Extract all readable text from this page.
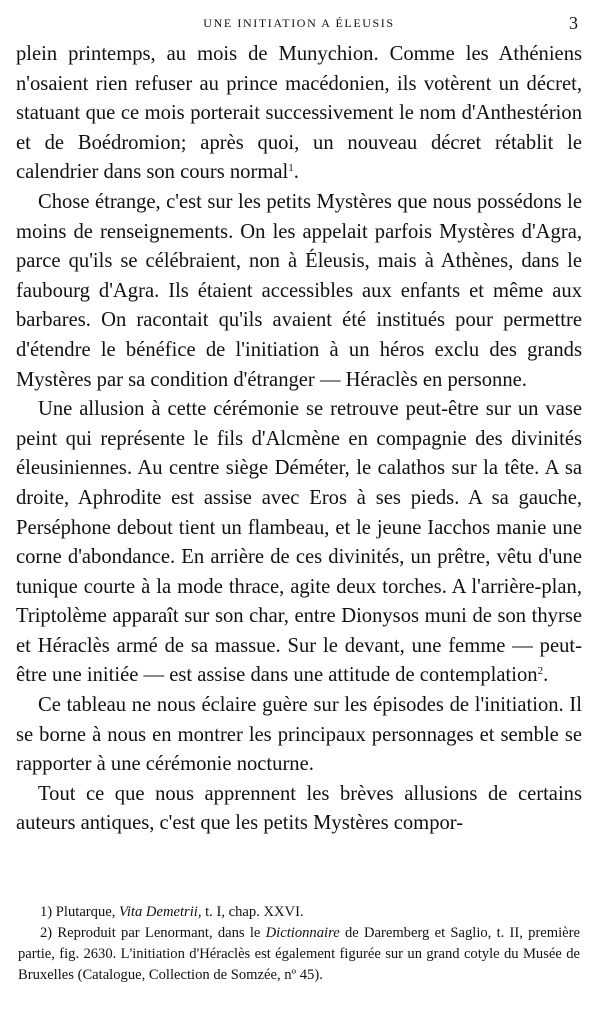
UNE INITIATION A ÉLEUSIS	3

plein printemps, au mois de Munychion. Comme les Athéniens n'osaient rien refuser au prince macédonien, ils votèrent un décret, statuant que ce mois porterait successivement le nom d'Anthestérion et de Boédromion; après quoi, un nouveau décret rétablit le calendrier dans son cours normal$^1$.

Chose étrange, c'est sur les petits Mystères que nous possédons le moins de renseignements. On les appelait parfois Mystères d'Agra, parce qu'ils se célébraient, non à Éleusis, mais à Athènes, dans le faubourg d'Agra. Ils étaient accessibles aux enfants et même aux barbares. On racontait qu'ils avaient été institués pour permettre d'étendre le bénéfice de l'initiation à un héros exclu des grands Mystères par sa condition d'étranger — Héraclès en personne.

Une allusion à cette cérémonie se retrouve peut-être sur un vase peint qui représente le fils d'Alcmène en compagnie des divinités éleusiniennes. Au centre siège Déméter, le calathos sur la tête. A sa droite, Aphrodite est assise avec Eros à ses pieds. A sa gauche, Perséphone debout tient un flambeau, et le jeune Iacchos manie une corne d'abondance. En arrière de ces divinités, un prêtre, vêtu d'une tunique courte à la mode thrace, agite deux torches. A l'arrière-plan, Triptolème apparaît sur son char, entre Dionysos muni de son thyrse et Héraclès armé de sa massue. Sur le devant, une femme — peut-être une initiée — est assise dans une attitude de contemplation$^2$.

Ce tableau ne nous éclaire guère sur les épisodes de l'initiation. Il se borne à nous en montrer les principaux personnages et semble se rapporter à une cérémonie nocturne.

Tout ce que nous apprennent les brèves allusions de certains auteurs antiques, c'est que les petits Mystères compor-

1) Plutarque, Vita Demetrii, t. I, chap. XXVI.

2) Reproduit par Lenormant, dans le Dictionnaire de Daremberg et Saglio, t. II, première partie, fig. 2630. L'initiation d'Héraclès est également figurée sur un grand cotyle du Musée de Bruxelles (Catalogue, Collection de Somzée, nº 45).
